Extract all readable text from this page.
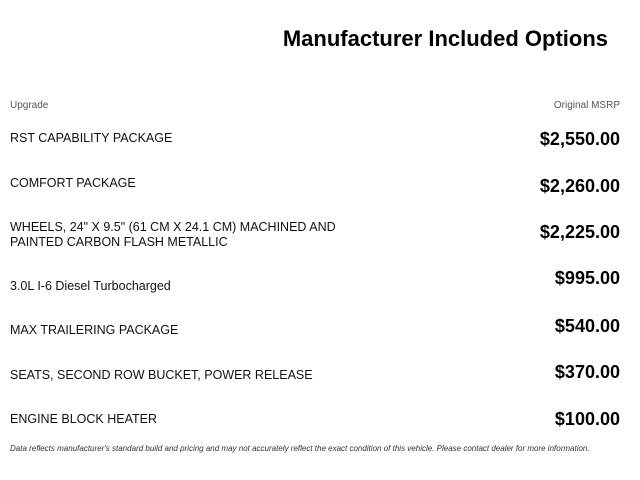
Manufacturer Included Options
Upgrade	Original MSRP
RST CAPABILITY PACKAGE	$2,550.00
COMFORT PACKAGE	$2,260.00
WHEELS, 24" X 9.5" (61 CM X 24.1 CM) MACHINED AND PAINTED CARBON FLASH METALLIC	$2,225.00
3.0L I-6 Diesel Turbocharged	$995.00
MAX TRAILERING PACKAGE	$540.00
SEATS, SECOND ROW BUCKET, POWER RELEASE	$370.00
ENGINE BLOCK HEATER	$100.00
Data reflects manufacturer's standard build and pricing and may not accurately reflect the exact condition of this vehicle. Please contact dealer for more information.
